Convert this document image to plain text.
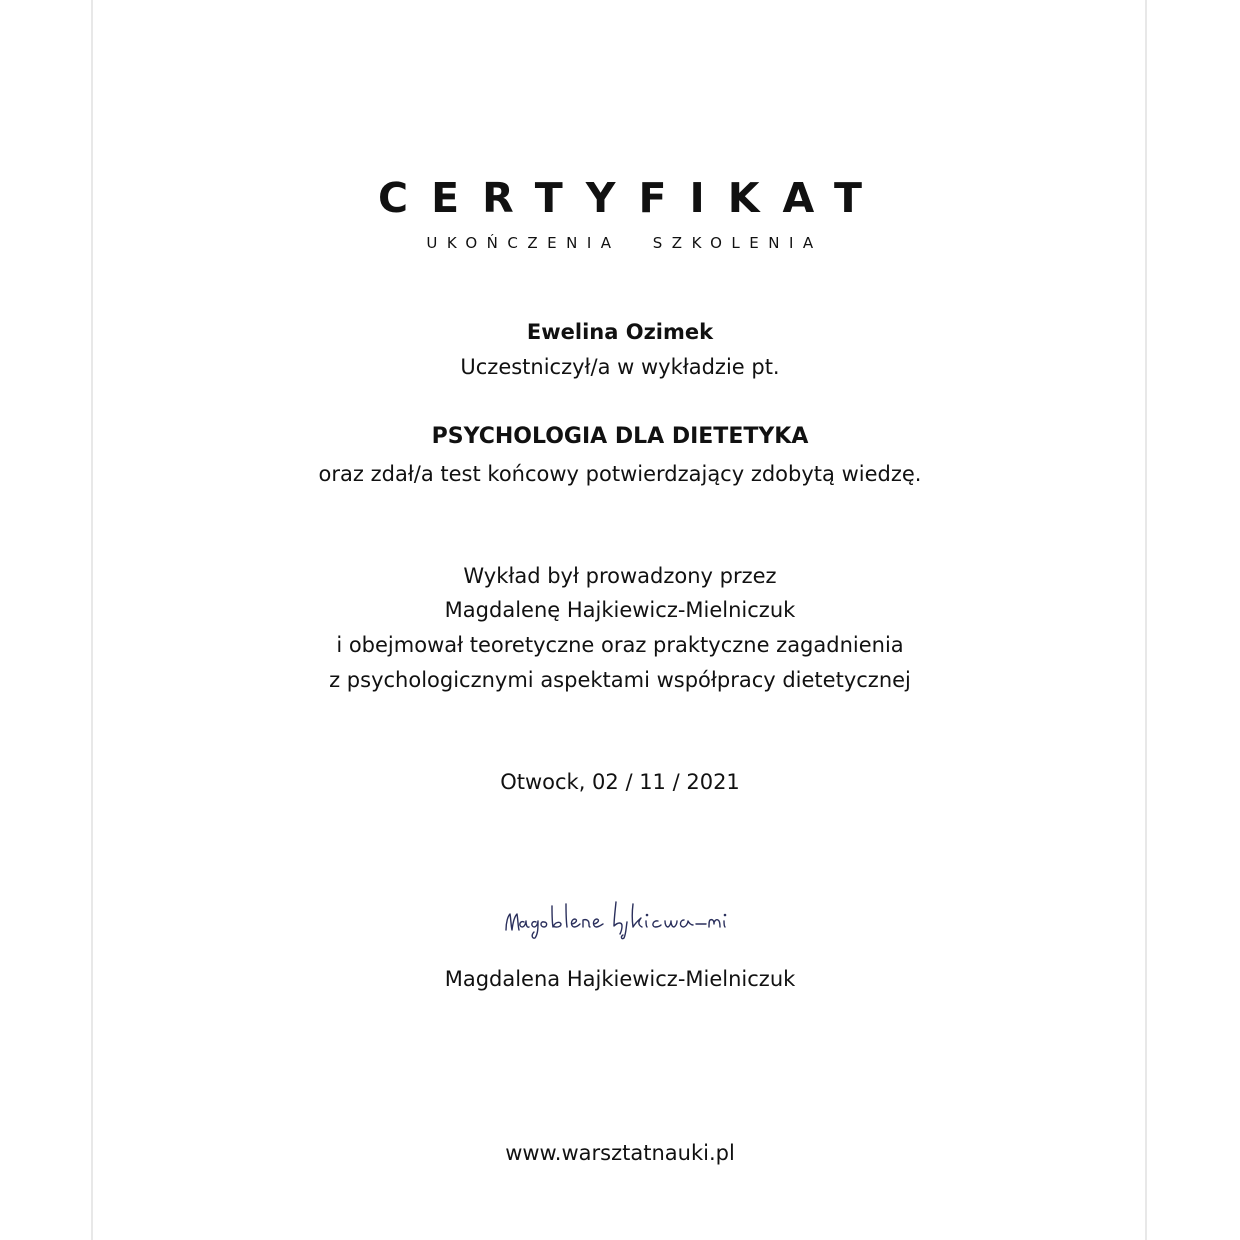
CERTYFIKAT
UKOŃCZENIA SZKOLENIA
Ewelina Ozimek
Uczestniczył/a w wykładzie pt.
PSYCHOLOGIA DLA DIETETYKA
oraz zdał/a test końcowy potwierdzający zdobytą wiedzę.
Wykład był prowadzony przez
Magdalenę Hajkiewicz-Mielniczuk
i obejmował teoretyczne oraz praktyczne zagadnienia
z psychologicznymi aspektami współpracy dietetycznej
Otwock, 02 / 11 / 2021
Magdalena Hajkiewicz-Mielniczuk
www.warsztatnauki.pl
